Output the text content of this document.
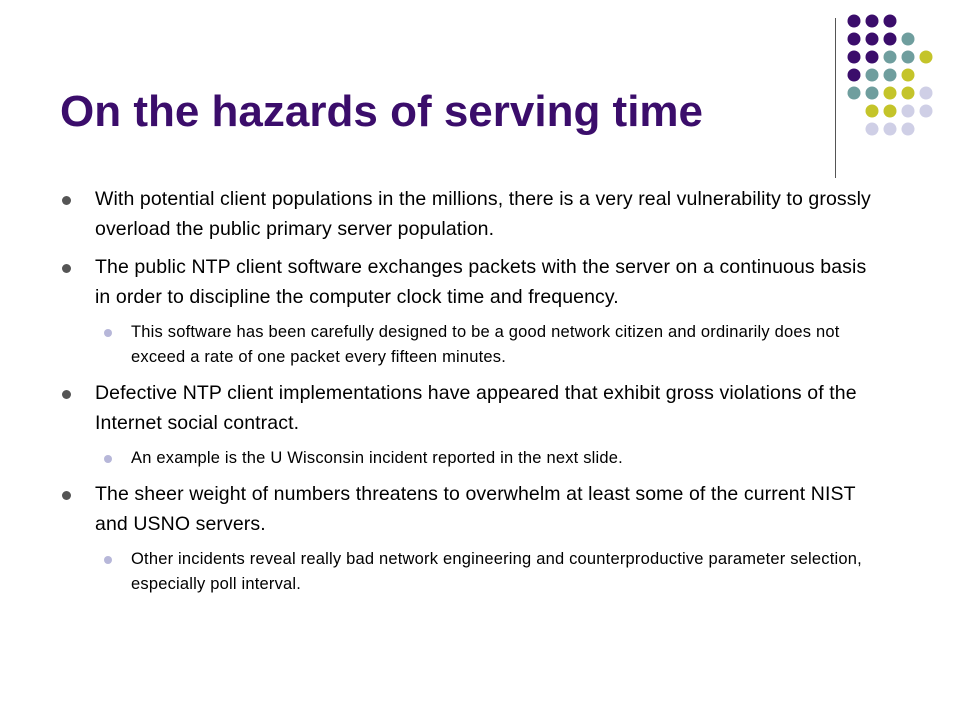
On the hazards of serving time
With potential client populations in the millions, there is a very real vulnerability to grossly overload the public primary server population.
The public NTP client software exchanges packets with the server on a continuous basis in order to discipline the computer clock time and frequency.
This software has been carefully designed to be a good network citizen and ordinarily does not exceed a rate of one packet every fifteen minutes.
Defective NTP client implementations have appeared that exhibit gross violations of the Internet social contract.
An example is the U Wisconsin incident reported in the next slide.
The sheer weight of numbers threatens to overwhelm at least some of the current NIST and USNO servers.
Other incidents reveal really bad network engineering and counterproductive parameter selection, especially poll interval.
